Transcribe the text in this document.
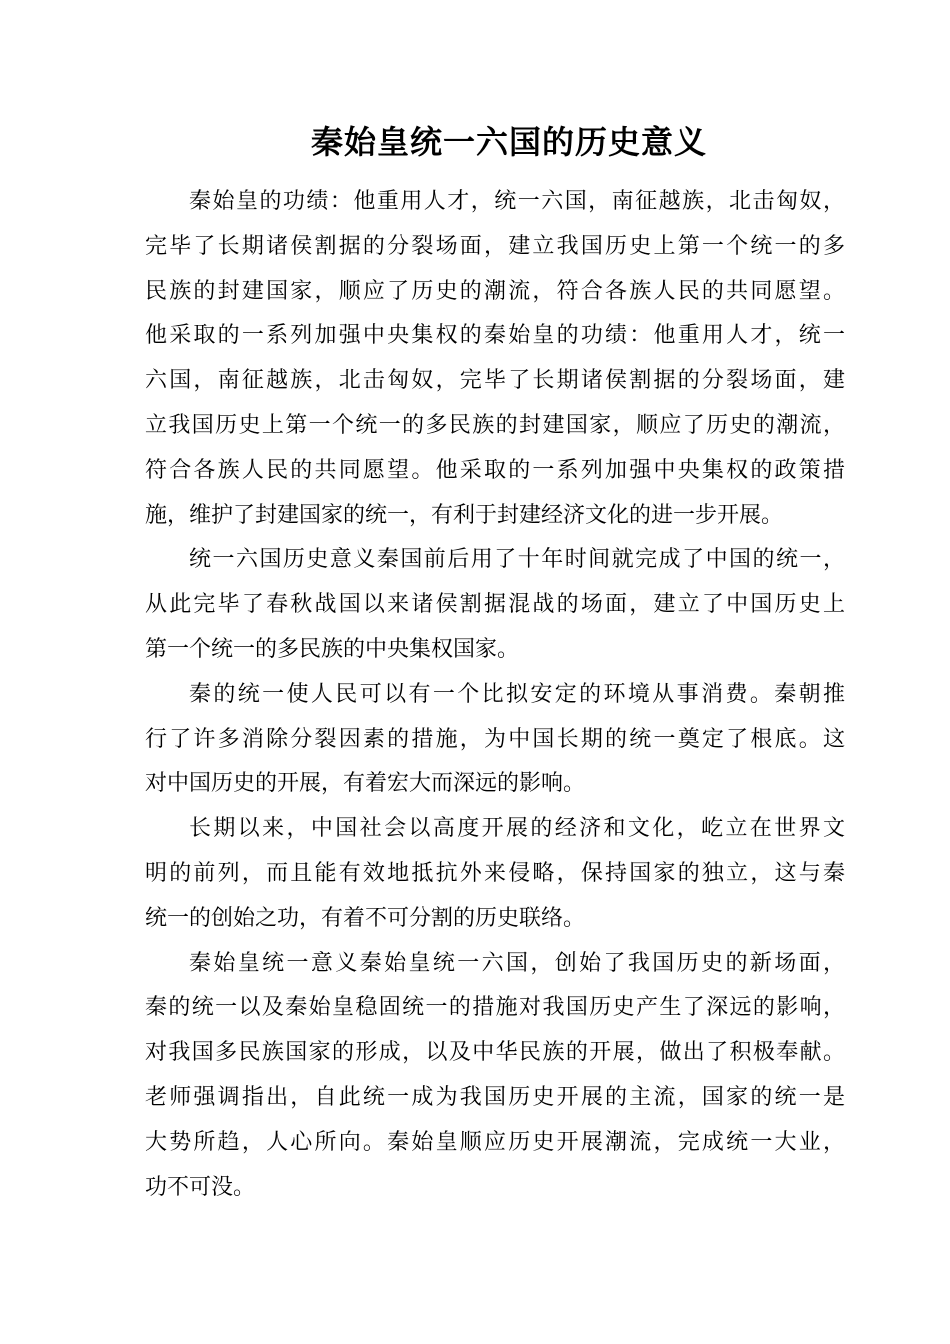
秦始皇统一六国的历史意义

秦始皇的功绩：他重用人才，统一六国，南征越族，北击匈奴，
完毕了长期诸侯割据的分裂场面，建立我国历史上第一个统一的多
民族的封建国家，顺应了历史的潮流，符合各族人民的共同愿望。
他采取的一系列加强中央集权的秦始皇的功绩：他重用人才，统一
六国，南征越族，北击匈奴，完毕了长期诸侯割据的分裂场面，建
立我国历史上第一个统一的多民族的封建国家，顺应了历史的潮流，
符合各族人民的共同愿望。他采取的一系列加强中央集权的政策措
施，维护了封建国家的统一，有利于封建经济文化的进一步开展。

统一六国历史意义秦国前后用了十年时间就完成了中国的统一，
从此完毕了春秋战国以来诸侯割据混战的场面，建立了中国历史上
第一个统一的多民族的中央集权国家。

秦的统一使人民可以有一个比拟安定的环境从事消费。秦朝推
行了许多消除分裂因素的措施，为中国长期的统一奠定了根底。这
对中国历史的开展，有着宏大而深远的影响。

长期以来，中国社会以高度开展的经济和文化，屹立在世界文
明的前列，而且能有效地抵抗外来侵略，保持国家的独立，这与秦
统一的创始之功，有着不可分割的历史联络。

秦始皇统一意义秦始皇统一六国，创始了我国历史的新场面，
秦的统一以及秦始皇稳固统一的措施对我国历史产生了深远的影响，
对我国多民族国家的形成，以及中华民族的开展，做出了积极奉献。
老师强调指出，自此统一成为我国历史开展的主流，国家的统一是
大势所趋，人心所向。秦始皇顺应历史开展潮流，完成统一大业，
功不可没。
